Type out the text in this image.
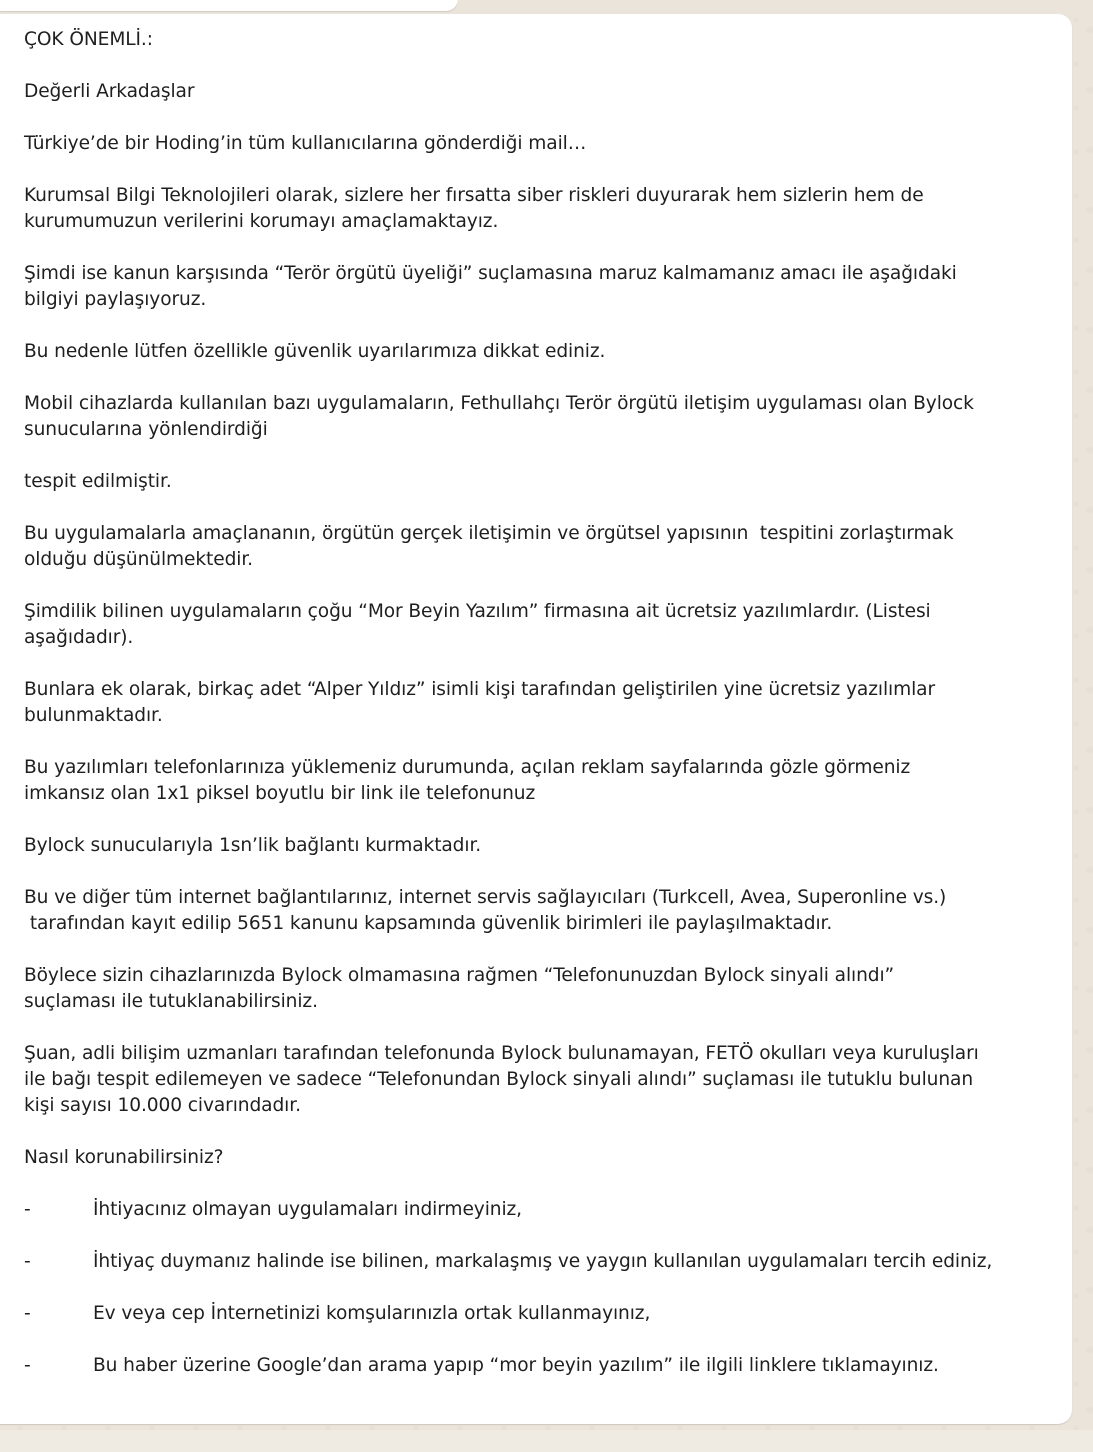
ÇOK ÖNEMLİ.:

Değerli Arkadaşlar

Türkiye’de bir Hoding’in tüm kullanıcılarına gönderdiği mail…

Kurumsal Bilgi Teknolojileri olarak, sizlere her fırsatta siber riskleri duyurarak hem sizlerin hem de
kurumumuzun verilerini korumayı amaçlamaktayız.

Şimdi ise kanun karşısında “Terör örgütü üyeliği” suçlamasına maruz kalmamanız amacı ile aşağıdaki
bilgiyi paylaşıyoruz.

Bu nedenle lütfen özellikle güvenlik uyarılarımıza dikkat ediniz.

Mobil cihazlarda kullanılan bazı uygulamaların, Fethullahçı Terör örgütü iletişim uygulaması olan Bylock
sunucularına yönlendirdiği

tespit edilmiştir.

Bu uygulamalarla amaçlananın, örgütün gerçek iletişimin ve örgütsel yapısının  tespitini zorlaştırmak
olduğu düşünülmektedir.

Şimdilik bilinen uygulamaların çoğu “Mor Beyin Yazılım” firmasına ait ücretsiz yazılımlardır. (Listesi
aşağıdadır).

Bunlara ek olarak, birkaç adet “Alper Yıldız” isimli kişi tarafından geliştirilen yine ücretsiz yazılımlar
bulunmaktadır.

Bu yazılımları telefonlarınıza yüklemeniz durumunda, açılan reklam sayfalarında gözle görmeniz
imkansız olan 1x1 piksel boyutlu bir link ile telefonunuz

Bylock sunucularıyla 1sn’lik bağlantı kurmaktadır.

Bu ve diğer tüm internet bağlantılarınız, internet servis sağlayıcıları (Turkcell, Avea, Superonline vs.)
tarafından kayıt edilip 5651 kanunu kapsamında güvenlik birimleri ile paylaşılmaktadır.

Böylece sizin cihazlarınızda Bylock olmamasına rağmen “Telefonunuzdan Bylock sinyali alındı”
suçlaması ile tutuklanabilirsiniz.

Şuan, adli bilişim uzmanları tarafından telefonunda Bylock bulunamayan, FETÖ okulları veya kuruluşları
ile bağı tespit edilemeyen ve sadece “Telefonundan Bylock sinyali alındı” suçlaması ile tutuklu bulunan
kişi sayısı 10.000 civarındadır.

Nasıl korunabilirsiniz?

-	İhtiyacınız olmayan uygulamaları indirmeyiniz,
-	İhtiyaç duymanız halinde ise bilinen, markalaşmış ve yaygın kullanılan uygulamaları tercih ediniz,
-	Ev veya cep İnternetinizi komşularınızla ortak kullanmayınız,
-	Bu haber üzerine Google’dan arama yapıp “mor beyin yazılım” ile ilgili linklere tıklamayınız.
